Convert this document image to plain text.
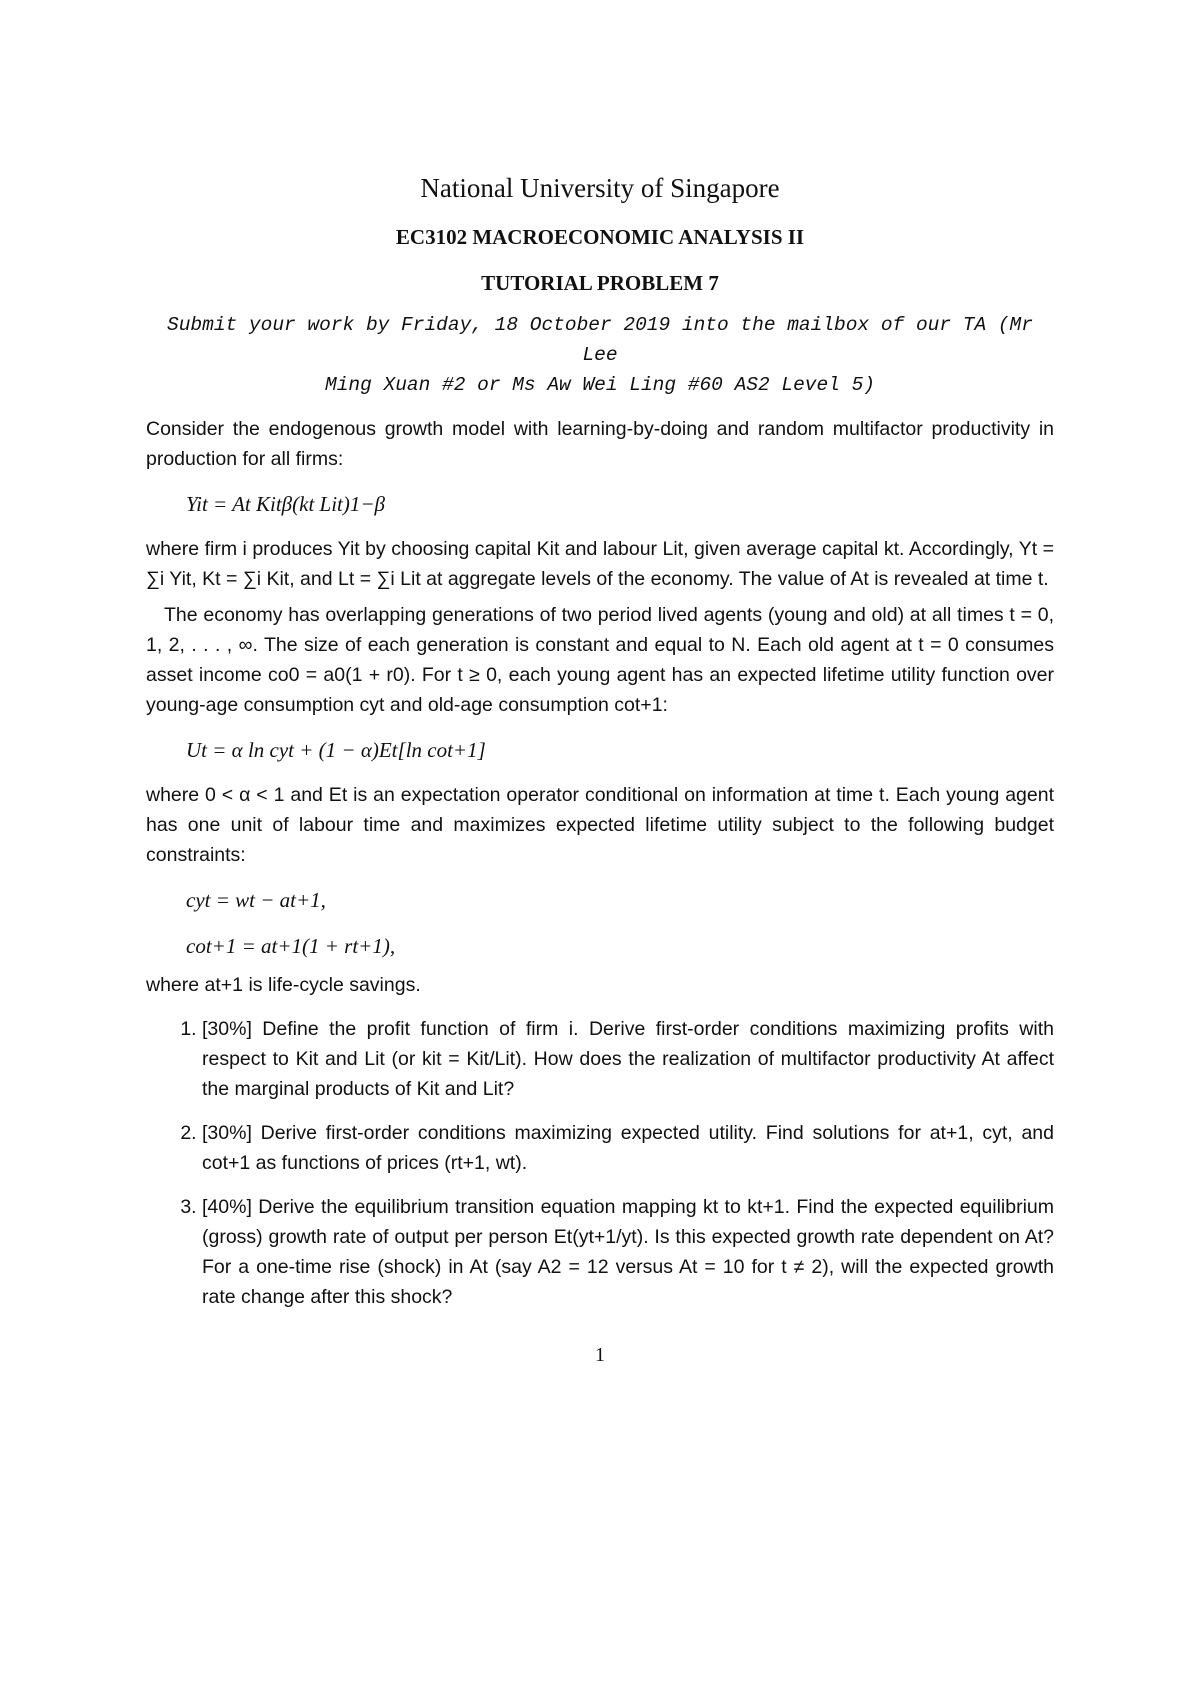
National University of Singapore
EC3102 MACROECONOMIC ANALYSIS II
TUTORIAL PROBLEM 7
Submit your work by Friday, 18 October 2019 into the mailbox of our TA (Mr Lee
Ming Xuan #2 or Ms Aw Wei Ling #60 AS2 Level 5)

Consider the endogenous growth model with learning-by-doing and random multifactor productivity in production for all firms:

Yit = At Kitβ(kt Lit)1−β

where firm i produces Yit by choosing capital Kit and labour Lit, given average capital kt. Accordingly, Yt = ∑i Yit, Kt = ∑i Kit, and Lt = ∑i Lit at aggregate levels of the economy. The value of At is revealed at time t.

The economy has overlapping generations of two period lived agents (young and old) at all times t = 0, 1, 2, . . . , ∞. The size of each generation is constant and equal to N. Each old agent at t = 0 consumes asset income co0 = a0(1 + r0). For t ≥ 0, each young agent has an expected lifetime utility function over young-age consumption cyt and old-age consumption cot+1:

Ut = α ln cyt + (1 − α)Et[ln cot+1]

where 0 < α < 1 and Et is an expectation operator conditional on information at time t. Each young agent has one unit of labour time and maximizes expected lifetime utility subject to the following budget constraints:

cyt = wt − at+1,
cot+1 = at+1(1 + rt+1),

where at+1 is life-cycle savings.

1. [30%] Define the profit function of firm i. Derive first-order conditions maximizing profits with respect to Kit and Lit (or kit = Kit/Lit). How does the realization of multifactor productivity At affect the marginal products of Kit and Lit?
2. [30%] Derive first-order conditions maximizing expected utility. Find solutions for at+1, cyt, and cot+1 as functions of prices (rt+1, wt).
3. [40%] Derive the equilibrium transition equation mapping kt to kt+1. Find the expected equilibrium (gross) growth rate of output per person Et(yt+1/yt). Is this expected growth rate dependent on At? For a one-time rise (shock) in At (say A2 = 12 versus At = 10 for t ≠ 2), will the expected growth rate change after this shock?
1
